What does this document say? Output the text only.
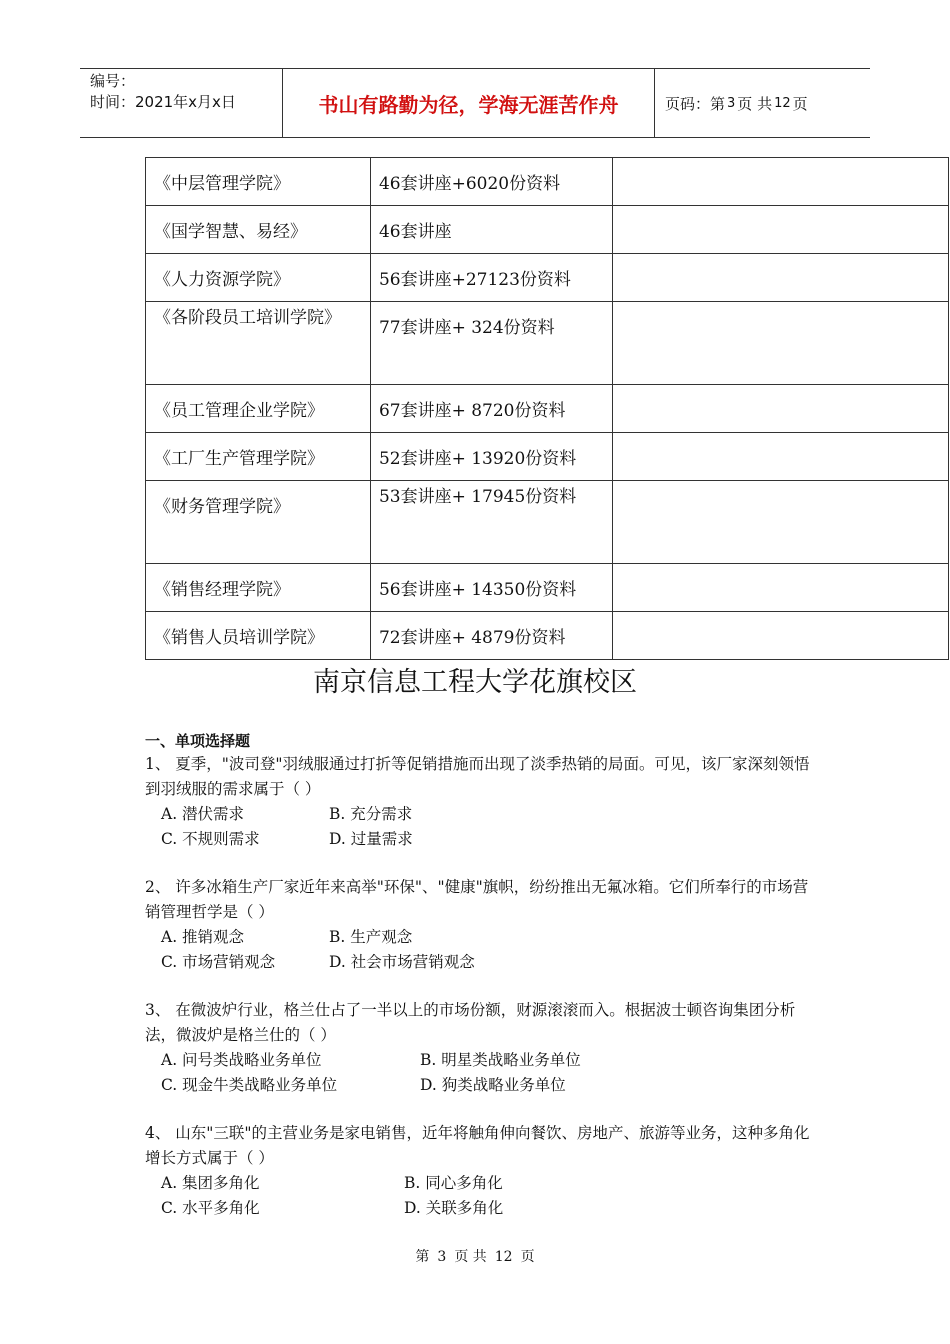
编号：
时间：2021年x月x日	书山有路勤为径，学海无涯苦作舟	页码：第 3 页 共 12 页
《中层管理学院》	46套讲座+6020份资料	
《国学智慧、易经》	46套讲座	
《人力资源学院》	56套讲座+27123份资料	

《各阶段员工培训学院》	77套讲座+ 324份资料	
《员工管理企业学院》	67套讲座+ 8720份资料	
《工厂生产管理学院》	52套讲座+ 13920份资料	
《财务管理学院》	53套讲座+ 17945份资料	

《销售经理学院》	56套讲座+ 14350份资料	
《销售人员培训学院》	72套讲座+ 4879份资料	
南京信息工程大学花旗校区
一、单项选择题
1、 夏季，"波司登"羽绒服通过打折等促销措施而出现了淡季热销的局面。可见，该厂家深刻领悟到羽绒服的需求属于（ ）
A. 潜伏需求	B. 充分需求
C. 不规则需求	D. 过量需求
2、 许多冰箱生产厂家近年来高举"环保"、"健康"旗帜，纷纷推出无氟冰箱。它们所奉行的市场营销管理哲学是（ ）
A. 推销观念	B. 生产观念
C. 市场营销观念	D. 社会市场营销观念
3、 在微波炉行业，格兰仕占了一半以上的市场份额，财源滚滚而入。根据波士顿咨询集团分析法，微波炉是格兰仕的（ ）
A. 问号类战略业务单位	B. 明星类战略业务单位
C. 现金牛类战略业务单位	D. 狗类战略业务单位
4、 山东"三联"的主营业务是家电销售，近年将触角伸向餐饮、房地产、旅游等业务，这种多角化增长方式属于（ ）
A. 集团多角化	B. 同心多角化
C. 水平多角化	D. 关联多角化
第 3 页 共 12 页
